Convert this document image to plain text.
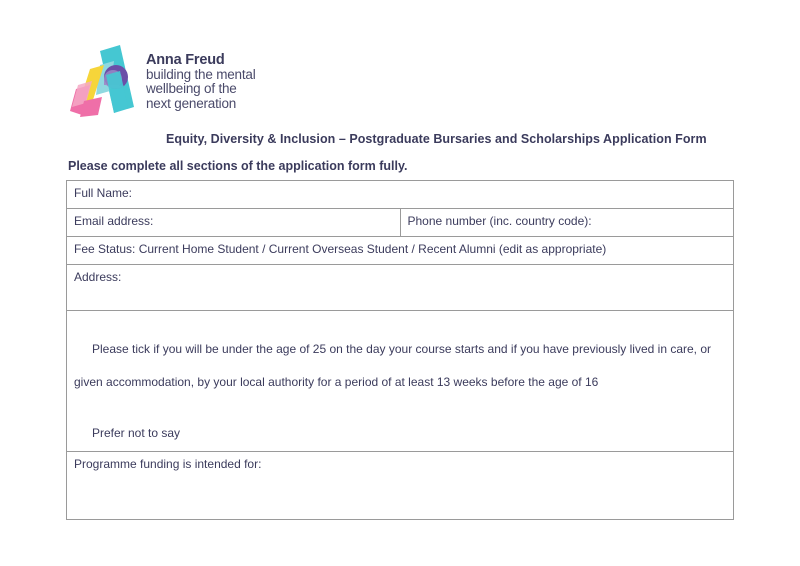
Anna Freud
building the mental
wellbeing of the
next generation
Equity, Diversity & Inclusion – Postgraduate Bursaries and Scholarships Application Form
Please complete all sections of the application form fully.
Full Name:
Email address:	Phone number (inc. country code):
Fee Status: Current Home Student / Current Overseas Student / Recent Alumni (edit as appropriate)
Address:

Please tick if you will be under the age of 25 on the day your course starts and if you have previously lived in care, or given accommodation, by your local authority for a period of at least 13 weeks before the age of 16

Prefer not to say

Programme funding is intended for:
